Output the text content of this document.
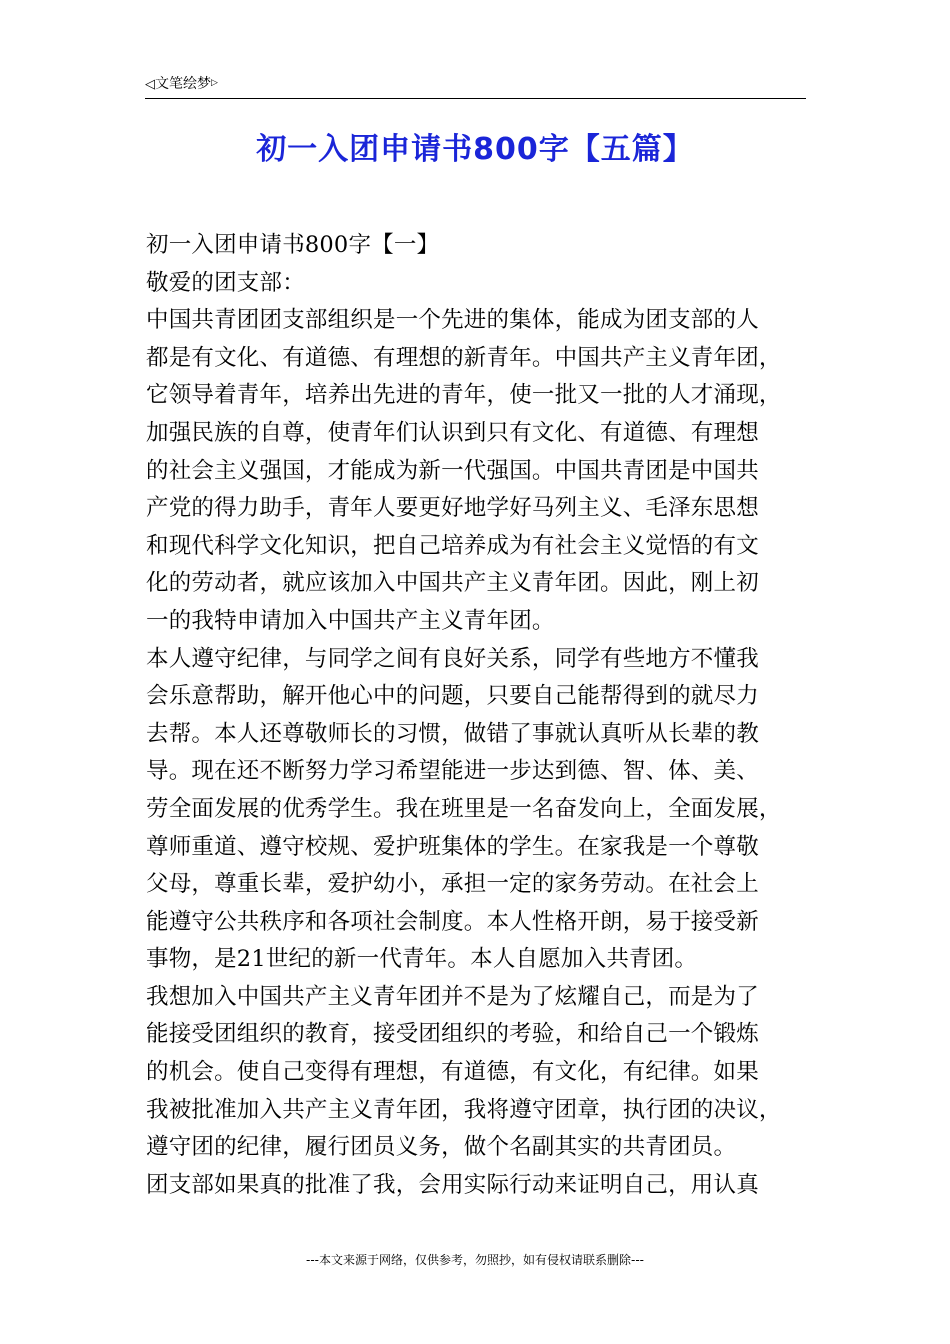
◁文笔绘梦▷
初一入团申请书800字【五篇】
初一入团申请书800字【一】
敬爱的团支部：
中国共青团团支部组织是一个先进的集体，能成为团支部的人
都是有文化、有道德、有理想的新青年。中国共产主义青年团，
它领导着青年，培养出先进的青年，使一批又一批的人才涌现，
加强民族的自尊，使青年们认识到只有文化、有道德、有理想
的社会主义强国，才能成为新一代强国。中国共青团是中国共
产党的得力助手，青年人要更好地学好马列主义、毛泽东思想
和现代科学文化知识，把自己培养成为有社会主义觉悟的有文
化的劳动者，就应该加入中国共产主义青年团。因此，刚上初
一的我特申请加入中国共产主义青年团。
本人遵守纪律，与同学之间有良好关系，同学有些地方不懂我
会乐意帮助，解开他心中的问题，只要自己能帮得到的就尽力
去帮。本人还尊敬师长的习惯，做错了事就认真听从长辈的教
导。现在还不断努力学习希望能进一步达到德、智、体、美、
劳全面发展的优秀学生。我在班里是一名奋发向上，全面发展，
尊师重道、遵守校规、爱护班集体的学生。在家我是一个尊敬
父母，尊重长辈，爱护幼小，承担一定的家务劳动。在社会上
能遵守公共秩序和各项社会制度。本人性格开朗，易于接受新
事物，是21世纪的新一代青年。本人自愿加入共青团。
我想加入中国共产主义青年团并不是为了炫耀自己，而是为了
能接受团组织的教育，接受团组织的考验，和给自己一个锻炼
的机会。使自己变得有理想，有道德，有文化，有纪律。如果
我被批准加入共产主义青年团，我将遵守团章，执行团的决议，
遵守团的纪律，履行团员义务，做个名副其实的共青团员。
团支部如果真的批准了我，会用实际行动来证明自己，用认真
---本文来源于网络，仅供参考，勿照抄，如有侵权请联系删除---
